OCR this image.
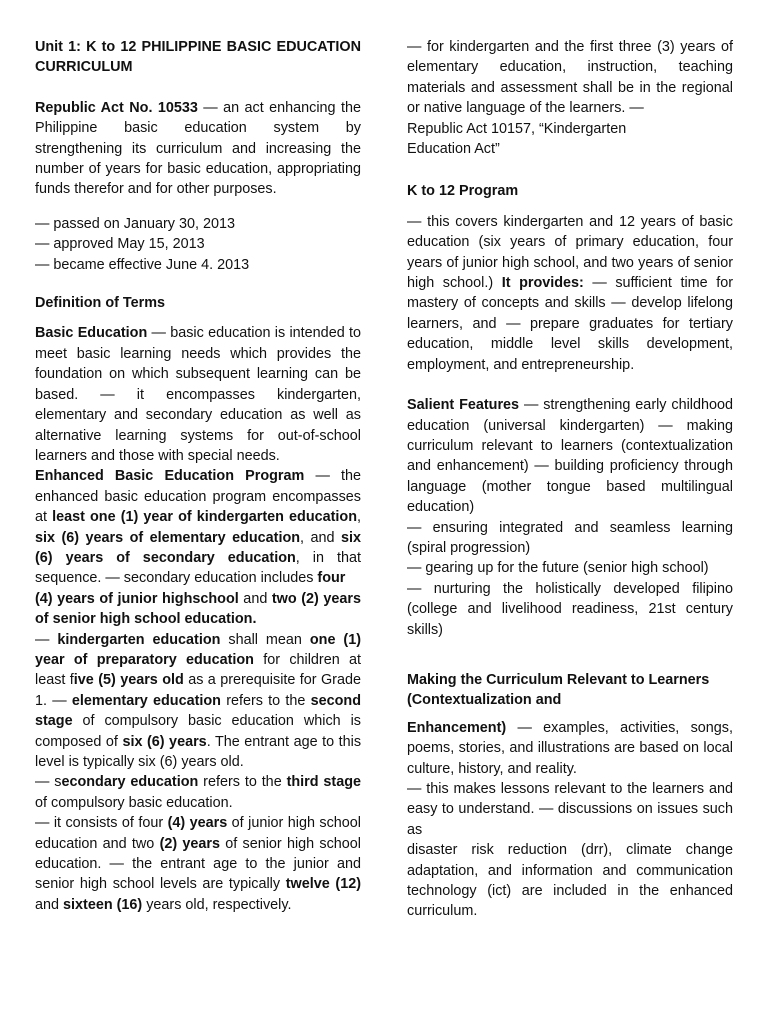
Unit 1: K to 12 PHILIPPINE BASIC EDUCATION CURRICULUM

Republic Act No. 10533 — an act enhancing the Philippine basic education system by strengthening its curriculum and increasing the number of years for basic education, appropriating funds therefor and for other purposes.

— passed on January 30, 2013

— approved May 15, 2013

— became effective June 4. 2013

Definition of Terms

Basic Education — basic education is intended to meet basic learning needs which provides the foundation on which subsequent learning can be based. — it encompasses kindergarten, elementary and secondary education as well as alternative learning systems for out-of-school learners and those with special needs.

Enhanced Basic Education Program — the enhanced basic education program encompasses at least one (1) year of kindergarten education, six (6) years of elementary education, and six (6) years of secondary education, in that sequence. — secondary education includes four

(4) years of junior highschool and two (2) years of senior high school education.

— kindergarten education shall mean one (1) year of preparatory education for children at least five (5) years old as a prerequisite for Grade 1. — elementary education refers to the second stage of compulsory basic education which is composed of six (6) years. The entrant age to this level is typically six (6) years old.

— secondary education refers to the third stage of compulsory basic education.

— it consists of four (4) years of junior high school education and two (2) years of senior high school education. — the entrant age to the junior and senior high school levels are typically twelve (12) and sixteen (16) years old, respectively.

— for kindergarten and the first three (3) years of elementary education, instruction, teaching materials and assessment shall be in the regional or native language of the learners. —

Republic Act 10157, “Kindergarten

Education Act”

K to 12 Program

— this covers kindergarten and 12 years of basic education (six years of primary education, four years of junior high school, and two years of senior high school.) It provides: — sufficient time for mastery of concepts and skills — develop lifelong learners, and — prepare graduates for tertiary education, middle level skills development, employment, and entrepreneurship.

Salient Features — strengthening early childhood education (universal kindergarten) — making curriculum relevant to learners (contextualization and enhancement) — building proficiency through language (mother tongue based multilingual education)

— ensuring integrated and seamless learning (spiral progression)

— gearing up for the future (senior high school)

— nurturing the holistically developed filipino (college and livelihood readiness, 21st century skills)

Making the Curriculum Relevant to Learners (Contextualization and

Enhancement) — examples, activities, songs, poems, stories, and illustrations are based on local culture, history, and reality.

— this makes lessons relevant to the learners and easy to understand. — discussions on issues such as

disaster risk reduction (drr), climate change adaptation, and information and communication technology (ict) are included in the enhanced curriculum.
